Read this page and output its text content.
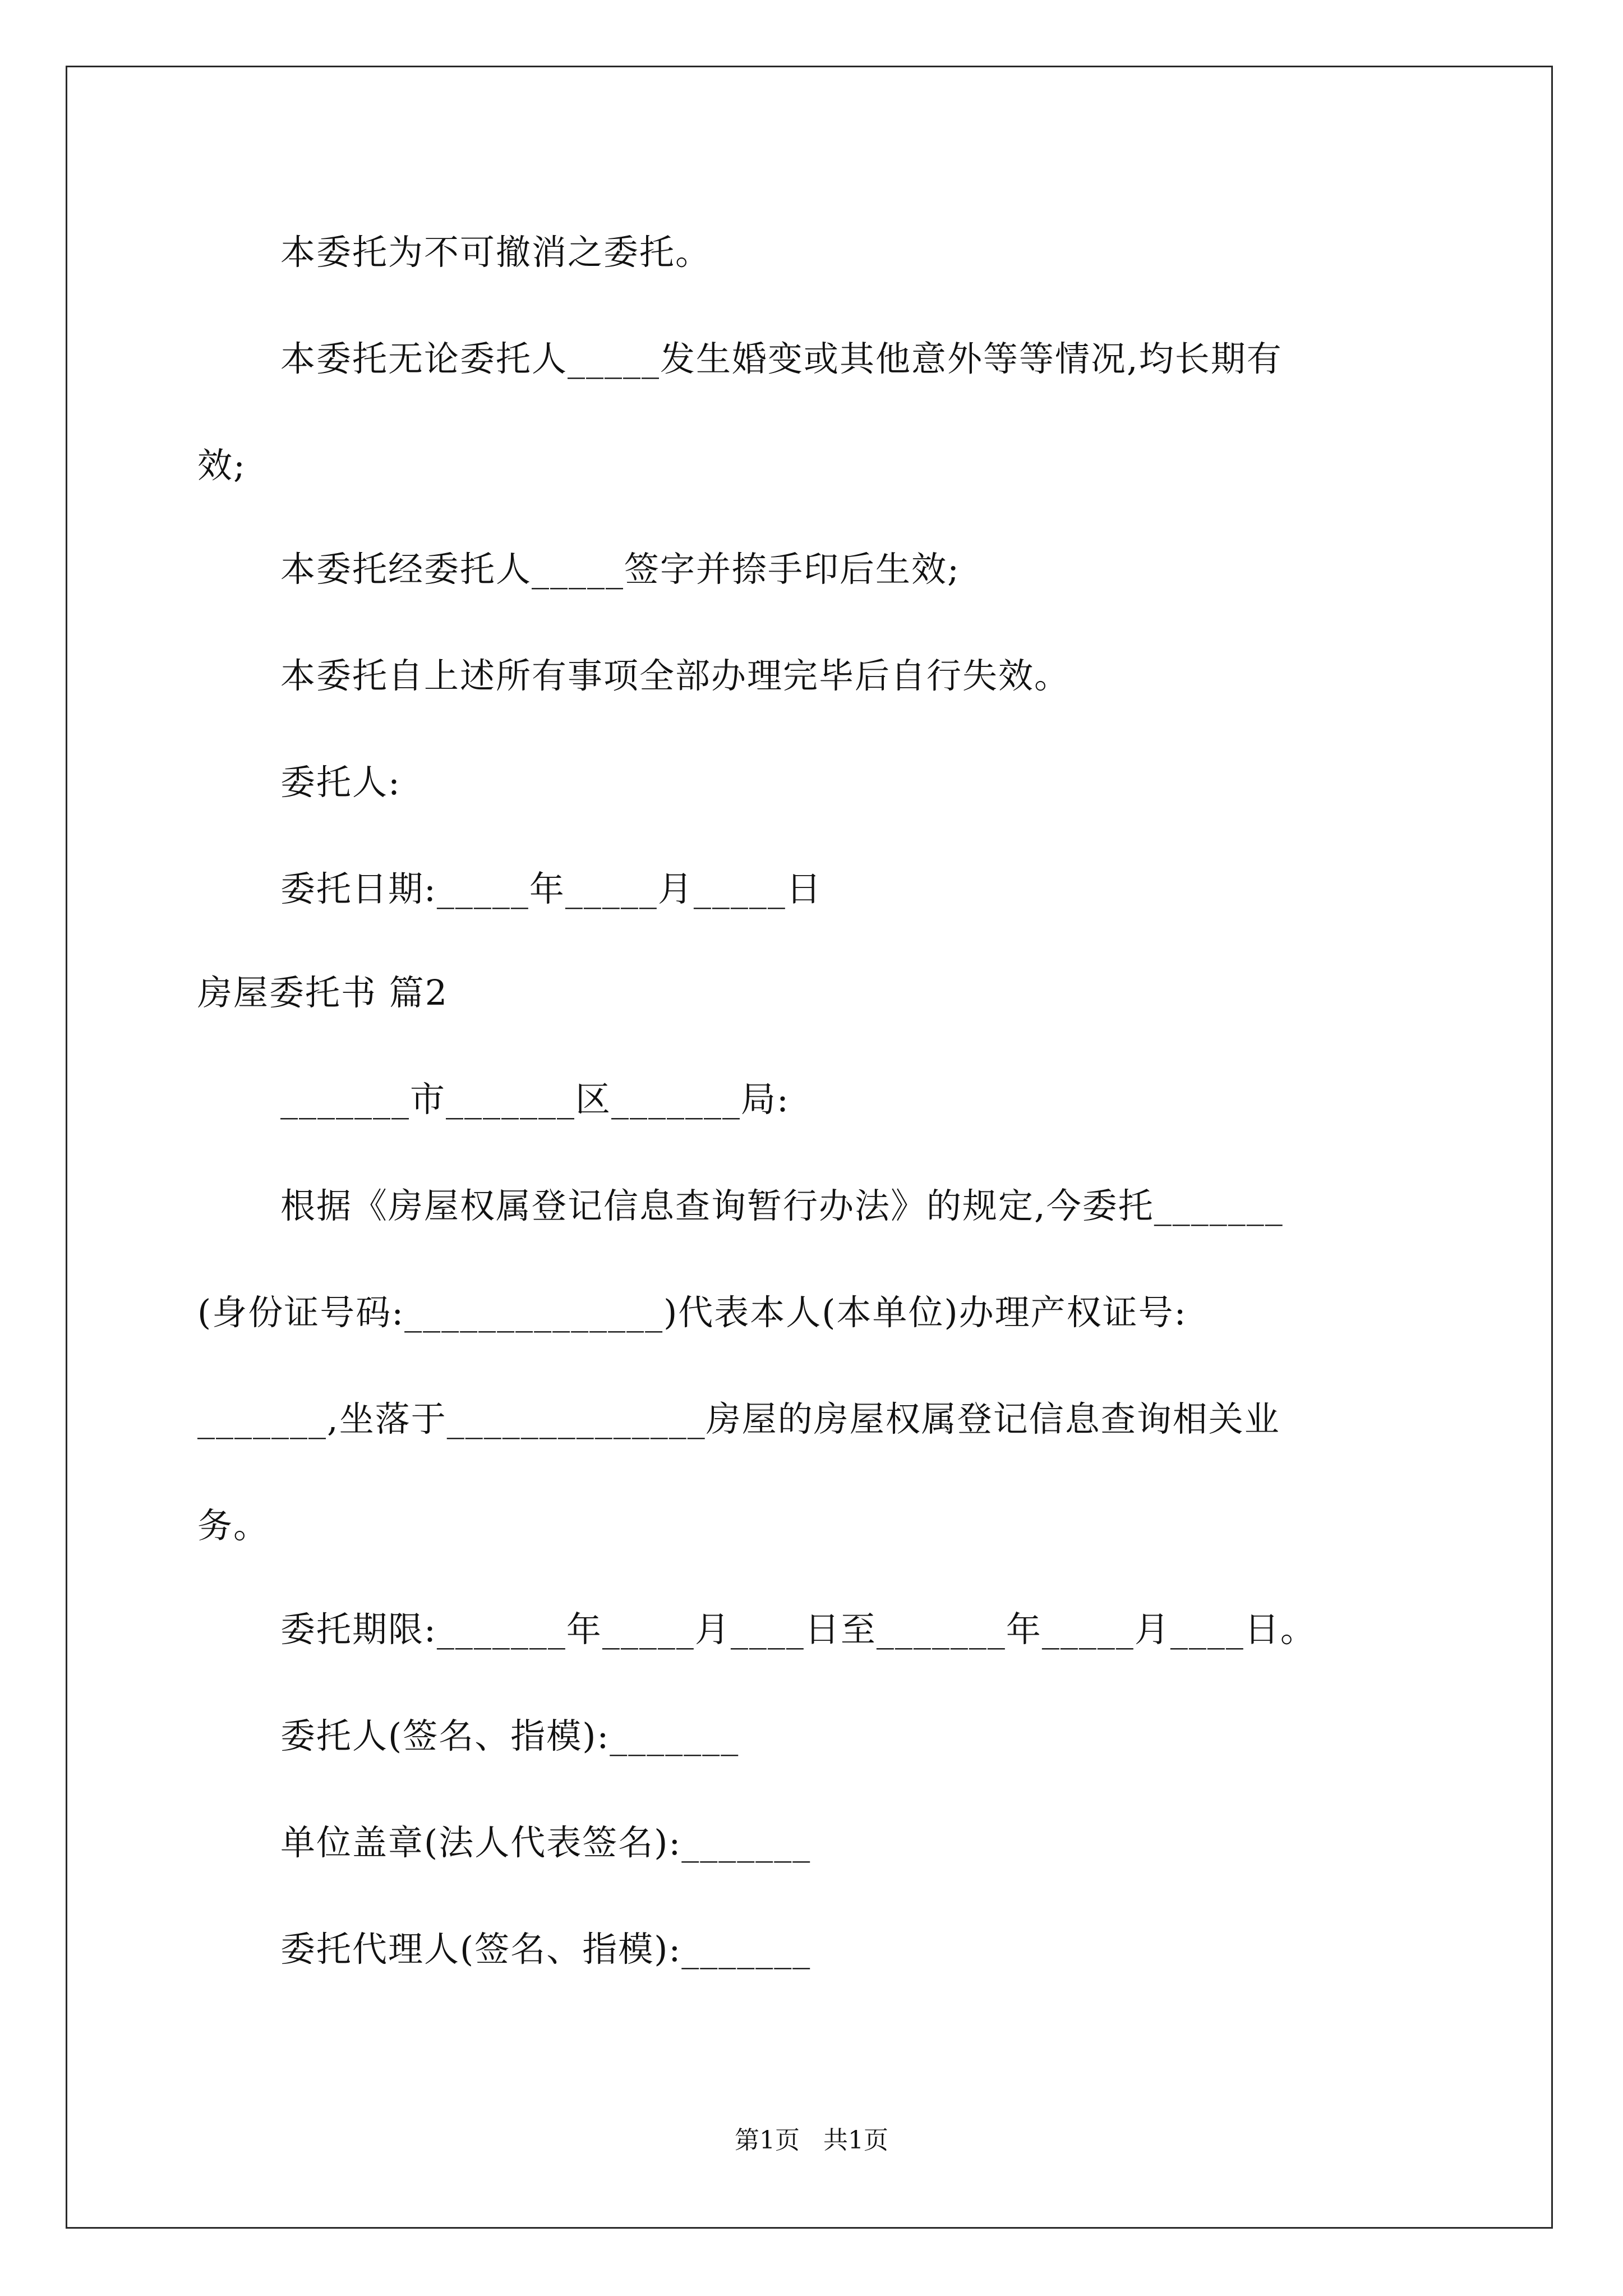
本委托为不可撤消之委托。
本委托无论委托人_____发生婚变或其他意外等等情况,均长期有
效;
本委托经委托人_____签字并捺手印后生效;
本委托自上述所有事项全部办理完毕后自行失效。
委托人:
委托日期:_____年_____月_____日
房屋委托书 篇2
_______市_______区_______局:
根据《房屋权属登记信息查询暂行办法》的规定,今委托_______
(身份证号码:______________)代表本人(本单位)办理产权证号:
_______,坐落于______________房屋的房屋权属登记信息查询相关业
务。
委托期限:_______年_____月____日至_______年_____月____日。
委托人(签名、指模):_______
单位盖章(法人代表签名):_______
委托代理人(签名、指模):_______
第1页   共1页
